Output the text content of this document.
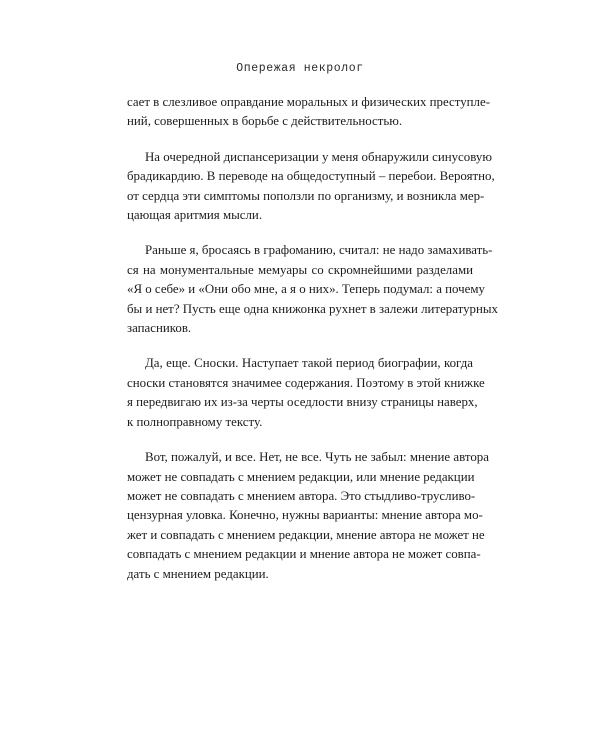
Опережая некролог
сает в слезливое оправдание моральных и физических преступле-
ний, совершенных в борьбе с действительностью.
На очередной диспансеризации у меня обнаружили синусовую
брадикардию. В переводе на общедоступный – перебои. Вероятно,
от сердца эти симптомы поползли по организму, и возникла мер-
цающая аритмия мысли.
Раньше я, бросаясь в графоманию, считал: не надо замахивать-
ся на монументальные мемуары со скромнейшими разделами
«Я о себе» и «Они обо мне, а я о них». Теперь подумал: а почему
бы и нет? Пусть еще одна книжонка рухнет в залежи литературных
запасников.
Да, еще. Сноски. Наступает такой период биографии, когда
сноски становятся значимее содержания. Поэтому в этой книжке
я передвигаю их из-за черты оседлости внизу страницы наверх,
к полноправному тексту.
Вот, пожалуй, и все. Нет, не все. Чуть не забыл: мнение автора
может не совпадать с мнением редакции, или мнение редакции
может не совпадать с мнением автора. Это стыдливо-трусливо-
цензурная уловка. Конечно, нужны варианты: мнение автора мо-
жет и совпадать с мнением редакции, мнение автора не может не
совпадать с мнением редакции и мнение автора не может совпа-
дать с мнением редакции.
